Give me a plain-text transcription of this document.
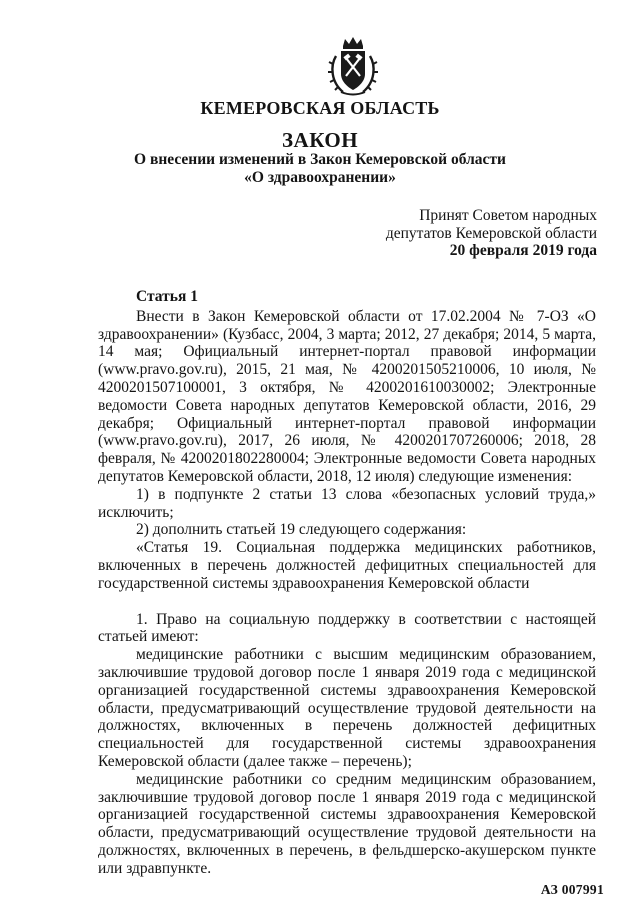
КЕМЕРОВСКАЯ ОБЛАСТЬ
ЗАКОН
О внесении изменений в Закон Кемеровской области
«О здравоохранении»
Принят Советом народных
депутатов Кемеровской области
20 февраля 2019 года
Статья 1

Внести в Закон Кемеровской области от 17.02.2004 № 7-ОЗ «О здравоохранении» (Кузбасс, 2004, 3 марта; 2012, 27 декабря; 2014, 5 марта, 14 мая; Официальный интернет-портал правовой информации (www.pravo.gov.ru), 2015, 21 мая, № 4200201505210006, 10 июля, № 4200201507100001, 3 октября, № 4200201610030002; Электронные ведомости Совета народных депутатов Кемеровской области, 2016, 29 декабря; Официальный интернет-портал правовой информации (www.pravo.gov.ru), 2017, 26 июля, № 4200201707260006; 2018, 28 февраля, № 4200201802280004; Электронные ведомости Совета народных депутатов Кемеровской области, 2018, 12 июля) следующие изменения:

1) в подпункте 2 статьи 13 слова «безопасных условий труда,» исключить;

2) дополнить статьей 19 следующего содержания:

«Статья 19. Социальная поддержка медицинских работников, включенных в перечень должностей дефицитных специальностей для государственной системы здравоохранения Кемеровской области

1. Право на социальную поддержку в соответствии с настоящей статьей имеют:

медицинские работники с высшим медицинским образованием, заключившие трудовой договор после 1 января 2019 года с медицинской организацией государственной системы здравоохранения Кемеровской области, предусматривающий осуществление трудовой деятельности на должностях, включенных в перечень должностей дефицитных специальностей для государственной системы здравоохранения Кемеровской области (далее также – перечень);

медицинские работники со средним медицинским образованием, заключившие трудовой договор после 1 января 2019 года с медицинской организацией государственной системы здравоохранения Кемеровской области, предусматривающий осуществление трудовой деятельности на должностях, включенных в перечень, в фельдшерско-акушерском пункте или здравпункте.

АЗ 007991
